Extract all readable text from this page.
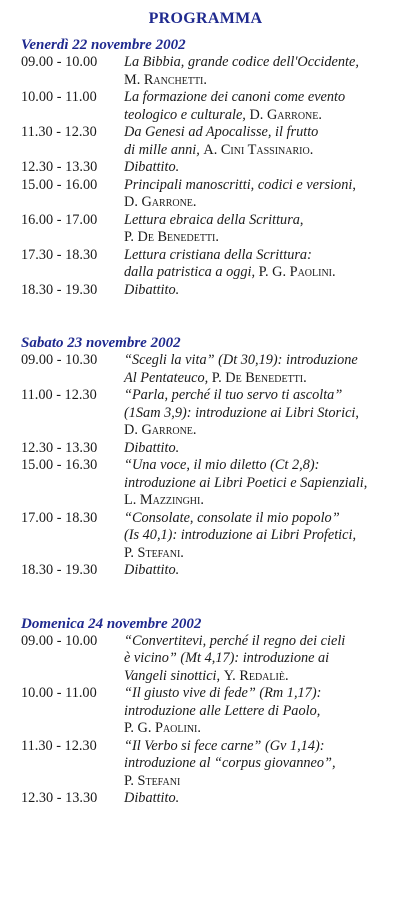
PROGRAMMA
Venerdì 22 novembre 2002
09.00 - 10.00	La Bibbia, grande codice dell'Occidente,
M. Ranchetti.
10.00 - 11.00	La formazione dei canoni come evento
teologico e culturale, D. Garrone.
11.30 - 12.30	Da Genesi ad Apocalisse, il frutto
di mille anni, A. Cini Tassinario.
12.30 - 13.30	Dibattito.
15.00 - 16.00	Principali manoscritti, codici e versioni,
D. Garrone.
16.00 - 17.00	Lettura ebraica della Scrittura,
P. De Benedetti.
17.30 - 18.30	Lettura cristiana della Scrittura:
dalla patristica a oggi, P. G. Paolini.
18.30 - 19.30	Dibattito.
Sabato 23 novembre 2002
09.00 - 10.30	“Scegli la vita” (Dt 30,19): introduzione
Al Pentateuco, P. De Benedetti.
11.00 - 12.30	“Parla, perché il tuo servo ti ascolta”
(1Sam 3,9): introduzione ai Libri Storici,
D. Garrone.
12.30 - 13.30	Dibattito.
15.00 - 16.30	“Una voce, il mio diletto (Ct 2,8):
introduzione ai Libri Poetici e Sapienziali,
L. Mazzinghi.
17.00 - 18.30	“Consolate, consolate il mio popolo”
(Is 40,1): introduzione ai Libri Profetici,
P. Stefani.
18.30 - 19.30	Dibattito.
Domenica 24 novembre 2002
09.00 - 10.00	“Convertitevi, perché il regno dei cieli
è vicino” (Mt 4,17): introduzione ai
Vangeli sinottici, Y. Redaliè.
10.00 - 11.00	“Il giusto vive di fede” (Rm 1,17):
introduzione alle Lettere di Paolo,
P. G. Paolini.
11.30 - 12.30	“Il Verbo si fece carne” (Gv 1,14):
introduzione al “corpus giovanneo”,
P. Stefani
12.30 - 13.30	Dibattito.
